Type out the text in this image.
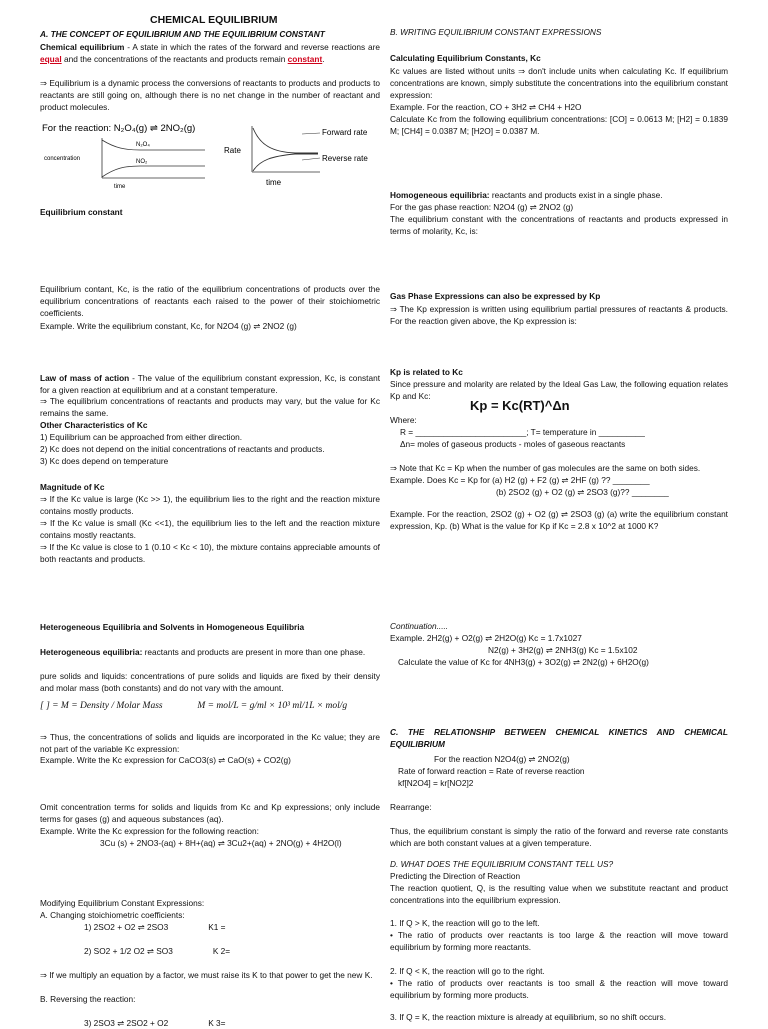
CHEMICAL EQUILIBRIUM

A. THE CONCEPT OF EQUILIBRIUM AND THE EQUILIBRIUM CONSTANT

Chemical equilibrium - A state in which the rates of the forward and reverse reactions are equal and the concentrations of the reactants and products remain constant.

⇒ Equilibrium is a dynamic process the conversions of reactants to products and products to reactants are still going on, although there is no net change in the number of reactant and product molecules.

For the reaction: N₂O₄(g) ⇌ 2NO₂(g)
concentration
N₂O₄
NO₂
time
Rate
Forward rate
Reverse rate
time

Equilibrium constant

Equilibrium contant, Kc, is the ratio of the equilibrium concentrations of products over the equilibrium concentrations of reactants each raised to the power of their stoichiometric coefficients.

Example. Write the equilibrium constant, Kc, for N2O4 (g) ⇌ 2NO2 (g)

Law of mass of action - The value of the equilibrium constant expression, Kc, is constant for a given reaction at equilibrium and at a constant temperature.

⇒ The equilibrium concentrations of reactants and products may vary, but the value for Kc remains the same.

Other Characteristics of Kc
1) Equilibrium can be approached from either direction.
2) Kc does not depend on the initial concentrations of reactants and products.
3) Kc does depend on temperature
Magnitude of Kc
⇒ If the Kc value is large (Kc >> 1), the equilibrium lies to the right and the reaction mixture contains mostly products.
⇒ If the Kc value is small (Kc <<1), the equilibrium lies to the left and the reaction mixture contains mostly reactants.
⇒ If the Kc value is close to 1 (0.10 < Kc < 10), the mixture contains appreciable amounts of both reactants and products.

Heterogeneous Equilibria and Solvents in Homogeneous Equilibria

Heterogeneous equilibria: reactants and products are present in more than one phase.

pure solids and liquids: concentrations of pure solids and liquids are fixed by their density and molar mass (both constants) and do not vary with the amount.

[ ] = M = Density / Molar Mass	M = mol/L = g/ml × 10³ ml/1L × mol/g

⇒ Thus, the concentrations of solids and liquids are incorporated in the Kc value; they are not part of the variable Kc expression:

Example. Write the Kc expression for CaCO3(s) ⇌ CaO(s) + CO2(g)

Omit concentration terms for solids and liquids from Kc and Kp expressions; only include terms for gases (g) and aqueous substances (aq).

Example. Write the Kc expression for the following reaction:

3Cu (s) + 2NO3-(aq) + 8H+(aq) ⇌ 3Cu2+(aq) + 2NO(g) + 4H2O(l)

Modifying Equilibrium Constant Expressions:

A. Changing stoichiometric coefficients:

1) 2SO2 + O2 ⇌ 2SO3	K1 =
2) SO2 + 1/2 O2 ⇌ SO3	K 2=

⇒ If we multiply an equation by a factor, we must raise its K to that power to get the new K.

B. Reversing the reaction:

3) 2SO3 ⇌ 2SO2 + O2	K 3=

B. WRITING EQUILIBRIUM CONSTANT EXPRESSIONS

Calculating Equilibrium Constants, Kc

Kc values are listed without units ⇒ don't include units when calculating Kc. If equilibrium concentrations are known, simply substitute the concentrations into the equilibrium constant expression:

Example. For the reaction, CO + 3H2 ⇌ CH4 + H2O

Calculate Kc from the following equilibrium concentrations: [CO] = 0.0613 M; [H2] = 0.1839 M; [CH4] = 0.0387 M; [H2O] = 0.0387 M.

Homogeneous equilibria: reactants and products exist in a single phase.

For the gas phase reaction: N2O4 (g) ⇌ 2NO2 (g)

The equilibrium constant with the concentrations of reactants and products expressed in terms of molarity, Kc, is:

Gas Phase Expressions can also be expressed by Kp

⇒ The Kp expression is written using equilibrium partial pressures of reactants & products. For the reaction given above, the Kp expression is:

Kp is related to Kc

Since pressure and molarity are related by the Ideal Gas Law, the following equation relates Kp and Kc:

Kp = Kc(RT)^Δn

Where:

R = ________________________; T= temperature in __________

Δn= moles of gaseous products - moles of gaseous reactants

⇒ Note that Kc = Kp when the number of gas molecules are the same on both sides.

Example. Does Kc = Kp for (a) H2 (g) + F2 (g) ⇌ 2HF (g) ?? ________

(b) 2SO2 (g) + O2 (g) ⇌ 2SO3 (g)?? ________

Example. For the reaction, 2SO2 (g) + O2 (g) ⇌ 2SO3 (g) (a) write the equilibrium constant expression, Kp. (b) What is the value for Kp if Kc = 2.8 x 10^2 at 1000 K?

Continuation.....

Example. 2H2(g) + O2(g) ⇌ 2H2O(g) Kc = 1.7x1027

N2(g) + 3H2(g) ⇌ 2NH3(g) Kc = 1.5x102

Calculate the value of Kc for 4NH3(g) + 3O2(g) ⇌ 2N2(g) + 6H2O(g)

C. THE RELATIONSHIP BETWEEN CHEMICAL KINETICS AND CHEMICAL EQUILIBRIUM

For the reaction N2O4(g) ⇌ 2NO2(g)

Rate of forward reaction = Rate of reverse reaction

kf[N2O4] = kr[NO2]2

Rearrange:

Thus, the equilibrium constant is simply the ratio of the forward and reverse rate constants which are both constant values at a given temperature.

D. WHAT DOES THE EQUILIBRIUM CONSTANT TELL US?

Predicting the Direction of Reaction

The reaction quotient, Q, is the resulting value when we substitute reactant and product concentrations into the equilibrium expression.

1. If Q > K, the reaction will go to the left.

• The ratio of products over reactants is too large & the reaction will move toward equilibrium by forming more reactants.

2. If Q < K, the reaction will go to the right.

• The ratio of products over reactants is too small & the reaction will move toward equilibrium by forming more products.

3. If Q = K, the reaction mixture is already at equilibrium, so no shift occurs.
